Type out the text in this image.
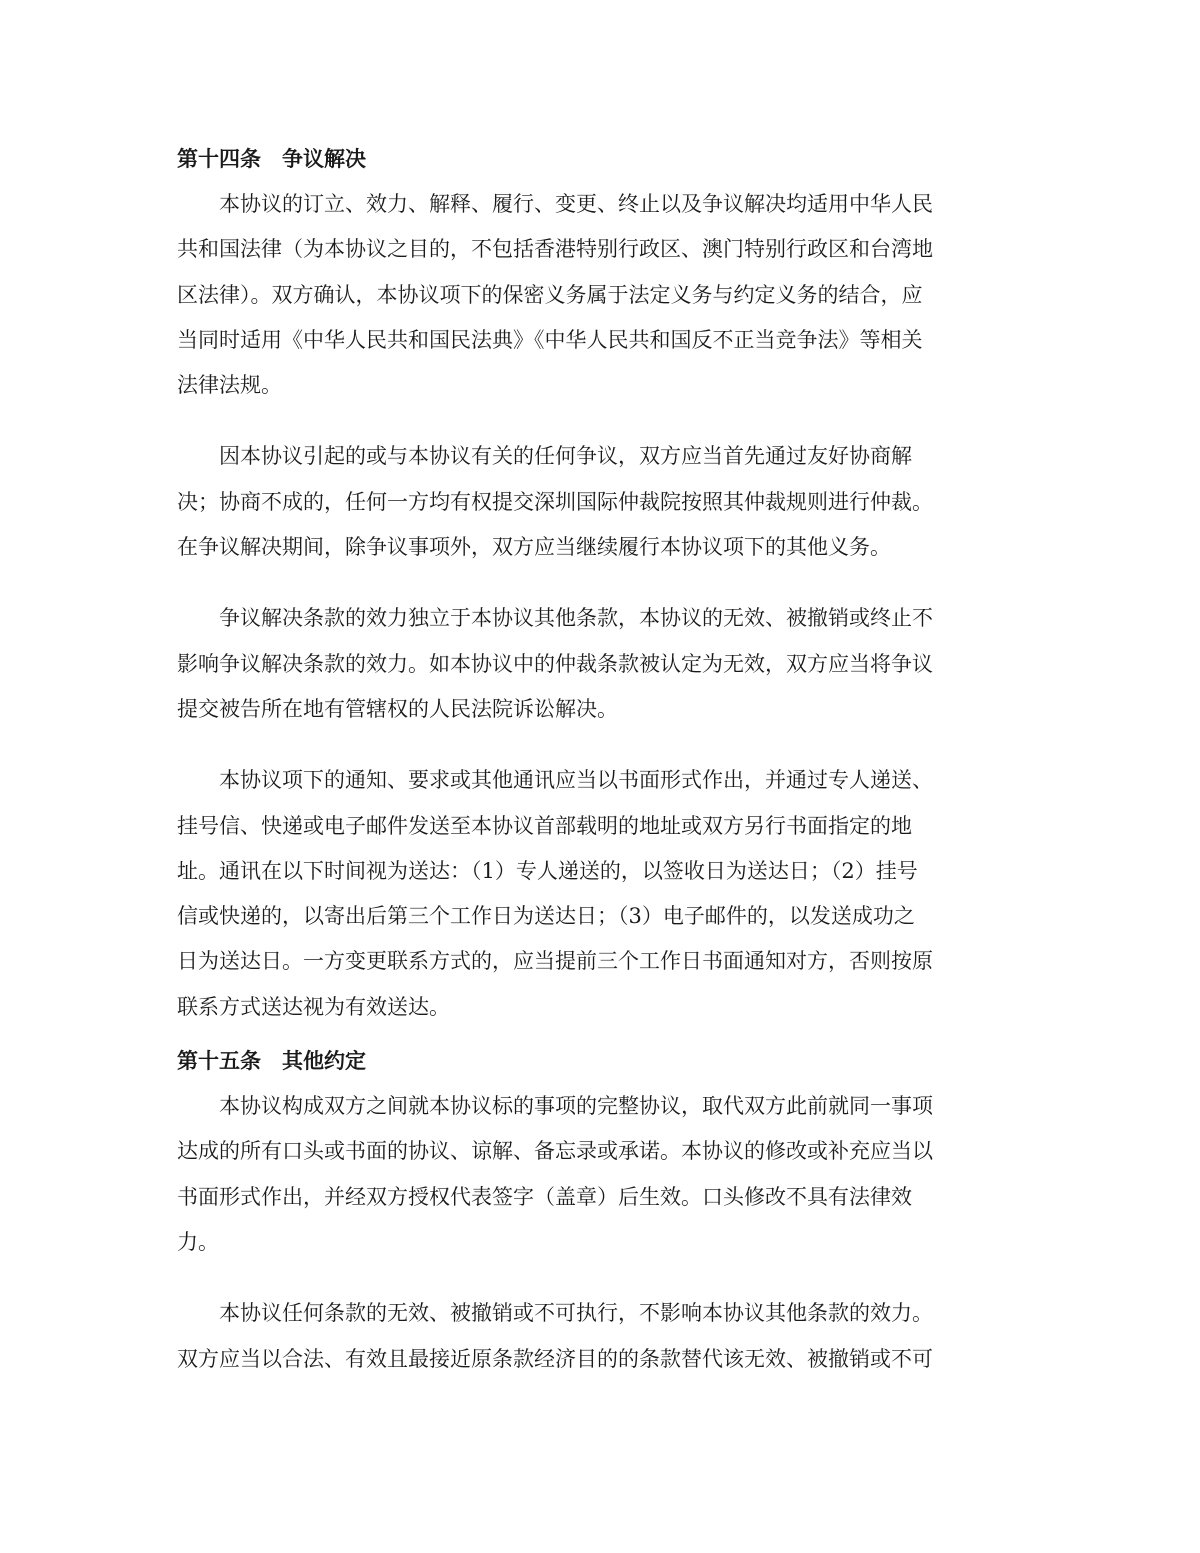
第十四条　争议解决
本协议的订立、效力、解释、履行、变更、终止以及争议解决均适用中华人民
共和国法律（为本协议之目的，不包括香港特别行政区、澳门特别行政区和台湾地
区法律）。双方确认，本协议项下的保密义务属于法定义务与约定义务的结合，应
当同时适用《中华人民共和国民法典》《中华人民共和国反不正当竞争法》等相关
法律法规。
因本协议引起的或与本协议有关的任何争议，双方应当首先通过友好协商解
决；协商不成的，任何一方均有权提交深圳国际仲裁院按照其仲裁规则进行仲裁。
在争议解决期间，除争议事项外，双方应当继续履行本协议项下的其他义务。
争议解决条款的效力独立于本协议其他条款，本协议的无效、被撤销或终止不
影响争议解决条款的效力。如本协议中的仲裁条款被认定为无效，双方应当将争议
提交被告所在地有管辖权的人民法院诉讼解决。
本协议项下的通知、要求或其他通讯应当以书面形式作出，并通过专人递送、
挂号信、快递或电子邮件发送至本协议首部载明的地址或双方另行书面指定的地
址。通讯在以下时间视为送达：（1）专人递送的，以签收日为送达日；（2）挂号
信或快递的，以寄出后第三个工作日为送达日；（3）电子邮件的，以发送成功之
日为送达日。一方变更联系方式的，应当提前三个工作日书面通知对方，否则按原
联系方式送达视为有效送达。
第十五条　其他约定
本协议构成双方之间就本协议标的事项的完整协议，取代双方此前就同一事项
达成的所有口头或书面的协议、谅解、备忘录或承诺。本协议的修改或补充应当以
书面形式作出，并经双方授权代表签字（盖章）后生效。口头修改不具有法律效
力。
本协议任何条款的无效、被撤销或不可执行，不影响本协议其他条款的效力。
双方应当以合法、有效且最接近原条款经济目的的条款替代该无效、被撤销或不可
